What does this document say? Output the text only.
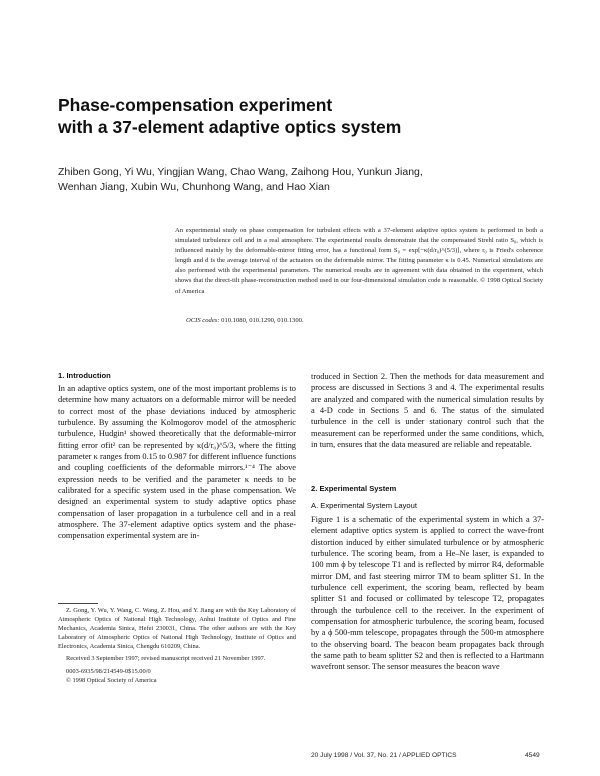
Phase-compensation experiment
with a 37-element adaptive optics system
Zhiben Gong, Yi Wu, Yingjian Wang, Chao Wang, Zaihong Hou, Yunkun Jiang,
Wenhan Jiang, Xubin Wu, Chunhong Wang, and Hao Xian
An experimental study on phase compensation for turbulent effects with a 37-element adaptive optics system is performed in both a simulated turbulence cell and in a real atmosphere. The experimental results demonstrate that the compensated Strehl ratio S₀, which is influenced mainly by the deformable-mirror fitting error, has a functional form S₀ = exp[−κ(d/r₀)^(5/3)], where r₀ is Fried's coherence length and d is the average interval of the actuators on the deformable mirror. The fitting parameter κ is 0.45. Numerical simulations are also performed with the experimental parameters. The numerical results are in agreement with data obtained in the experiment, which shows that the direct-tilt phase-reconstruction method used in our four-dimensional simulation code is reasonable. © 1998 Optical Society of America
OCIS codes: 010.1080, 010.1290, 010.1300.
1. Introduction

In an adaptive optics system, one of the most important problems is to determine how many actuators on a deformable mirror will be needed to correct most of the phase deviations induced by atmospheric turbulence. By assuming the Kolmogorov model of the atmospheric turbulence, Hudgin¹ showed theoretically that the deformable-mirror fitting error σfit² can be represented by κ(d/r₀)^5/3, where the fitting parameter κ ranges from 0.15 to 0.987 for different influence functions and coupling coefficients of the deformable mirrors.¹⁻⁴ The above expression needs to be verified and the parameter κ needs to be calibrated for a specific system used in the phase compensation. We designed an experimental system to study adaptive optics phase compensation of laser propagation in a turbulence cell and in a real atmosphere. The 37-element adaptive optics system and the phase-compensation experimental system are in-

Z. Gong, Y. Wu, Y. Wang, C. Wang, Z. Hou, and Y. Jiang are with the Key Laboratory of Atmospheric Optics of National High Technology, Anhui Institute of Optics and Fine Mechanics, Academia Sinica, Hefei 230031, China. The other authors are with the Key Laboratory of Atmospheric Optics of National High Technology, Institute of Optics and Electronics, Academia Sinica, Chengdu 610209, China.

Received 3 September 1997; revised manuscript received 21 November 1997.

0003-6935/98/214549-0$15.00/0

© 1998 Optical Society of America

troduced in Section 2. Then the methods for data measurement and process are discussed in Sections 3 and 4. The experimental results are analyzed and compared with the numerical simulation results by a 4-D code in Sections 5 and 6. The status of the simulated turbulence in the cell is under stationary control such that the measurement can be reperformed under the same conditions, which, in turn, ensures that the data measured are reliable and repeatable.

2. Experimental System
A. Experimental System Layout

Figure 1 is a schematic of the experimental system in which a 37-element adaptive optics system is applied to correct the wave-front distortion induced by either simulated turbulence or by atmospheric turbulence. The scoring beam, from a He–Ne laser, is expanded to 100 mm ϕ by telescope T1 and is reflected by mirror R4, deformable mirror DM, and fast steering mirror TM to beam splitter S1. In the turbulence cell experiment, the scoring beam, reflected by beam splitter S1 and focused or collimated by telescope T2, propagates through the turbulence cell to the receiver. In the experiment of compensation for atmospheric turbulence, the scoring beam, focused by a ϕ 500-mm telescope, propagates through the 500-m atmosphere to the observing board. The beacon beam propagates back through the same path to beam splitter S2 and then is reflected to a Hartmann wavefront sensor. The sensor measures the beacon wave

20 July 1998 / Vol. 37, No. 21 / APPLIED OPTICS	4549
